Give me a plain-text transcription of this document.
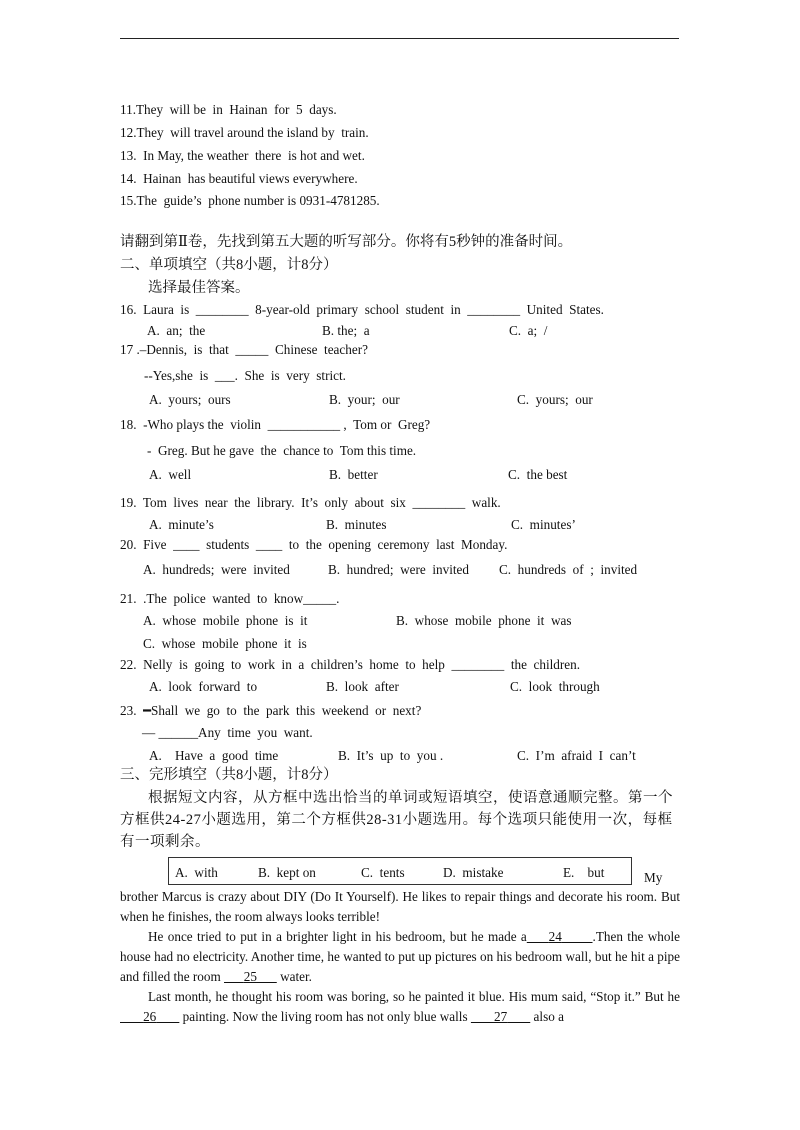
11.They  will be  in  Hainan  for  5  days.
12.They  will travel around the island by  train.
13.  In May, the weather  there  is hot and wet.
14.  Hainan  has beautiful views everywhere.
15.The  guide’s  phone number is 0931-4781285.
请翻到第Ⅱ卷，先找到第五大题的听写部分。你将有5秒钟的准备时间。
二、单项填空（共8小题，计8分）
选择最佳答案。
16.  Laura  is  ________  8-year-old  primary  school  student  in  ________  United  States.
A.  an;  the	B. the;  a	C.  a;  /
17 .–Dennis,  is  that  _____  Chinese  teacher?
--Yes,she  is  ___.  She  is  very  strict.
A.  yours;  ours	B.  your;  our	C.  yours;  our
18.  -Who plays the  violin  ___________ ,  Tom or  Greg?
-  Greg. But he gave  the  chance to  Tom this time.
A.  well	B.  better	C.  the best
19.  Tom  lives  near  the  library.  It’s  only  about  six  ________  walk.
A.  minute’s	B.  minutes	C.  minutes’
20.  Five  ____  students  ____  to  the  opening  ceremony  last  Monday.
A.  hundreds;  were  invited	B.  hundred;  were  invited C.  hundreds  of  ;  invited
21.  .The  police  wanted  to  know_____.
A.  whose  mobile  phone  is  it	B.  whose  mobile  phone  it  was
C.  whose  mobile  phone  it  is
22.  Nelly  is  going  to  work  in  a  children’s  home  to  help  ________  the  children.
A.  look  forward  to	B.  look  after	C.  look  through
23.  ━Shall  we  go  to  the  park  this  weekend  or  next?
— ______Any  time  you  want.
A.    Have  a  good  time	B.  It’s  up  to  you .	C.  I’m  afraid  I  can’t
三、完形填空（共8小题，计8分）
根据短文内容，从方框中选出恰当的单词或短语填空，使语意通顺完整。第一个方框供24-27小题选用，第二个方框供28-31小题选用。每个选项只能使用一次，每框有一项剩余。
A.  with	B.  kept on	C.  tents	D.  mistake	E.    but	My
brother Marcus is crazy about DIY (Do It Yourself). He likes to repair things and decorate his room. But when he finishes, the room always looks terrible!
He once tried to put in a brighter light in his bedroom, but he made a 24 .Then the whole house had no electricity. Another time, he wanted to put up pictures on his bedroom wall, but he hit a pipe and filled the room       25       water.
Last month, he thought his room was boring, so he painted it blue. His mum said, “Stop it.” But he        26        painting. Now the living room has not only blue walls        27        also a
